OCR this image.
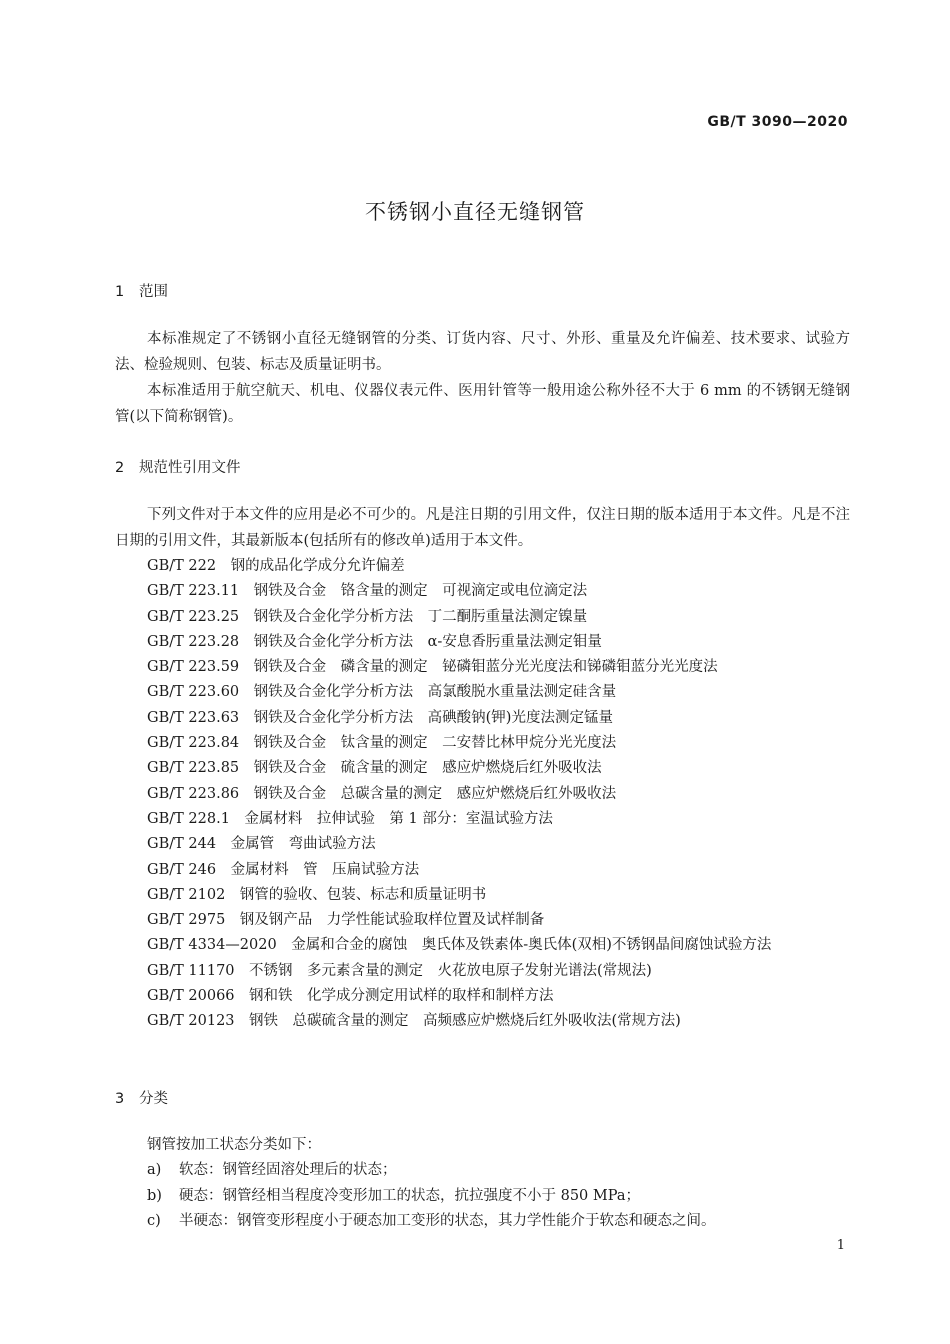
GB/T 3090—2020
不锈钢小直径无缝钢管
1 范围
本标准规定了不锈钢小直径无缝钢管的分类、订货内容、尺寸、外形、重量及允许偏差、技术要求、试验方法、检验规则、包装、标志及质量证明书。
本标准适用于航空航天、机电、仪器仪表元件、医用针管等一般用途公称外径不大于 6 mm 的不锈钢无缝钢管(以下简称钢管)。
2 规范性引用文件
下列文件对于本文件的应用是必不可少的。凡是注日期的引用文件，仅注日期的版本适用于本文件。凡是不注日期的引用文件，其最新版本(包括所有的修改单)适用于本文件。
GB/T 222　钢的成品化学成分允许偏差
GB/T 223.11　钢铁及合金　铬含量的测定　可视滴定或电位滴定法
GB/T 223.25　钢铁及合金化学分析方法　丁二酮肟重量法测定镍量
GB/T 223.28　钢铁及合金化学分析方法　α-安息香肟重量法测定钼量
GB/T 223.59　钢铁及合金　磷含量的测定　铋磷钼蓝分光光度法和锑磷钼蓝分光光度法
GB/T 223.60　钢铁及合金化学分析方法　高氯酸脱水重量法测定硅含量
GB/T 223.63　钢铁及合金化学分析方法　高碘酸钠(钾)光度法测定锰量
GB/T 223.84　钢铁及合金　钛含量的测定　二安替比林甲烷分光光度法
GB/T 223.85　钢铁及合金　硫含量的测定　感应炉燃烧后红外吸收法
GB/T 223.86　钢铁及合金　总碳含量的测定　感应炉燃烧后红外吸收法
GB/T 228.1　金属材料　拉伸试验　第 1 部分：室温试验方法
GB/T 244　金属管　弯曲试验方法
GB/T 246　金属材料　管　压扁试验方法
GB/T 2102　钢管的验收、包装、标志和质量证明书
GB/T 2975　钢及钢产品　力学性能试验取样位置及试样制备
GB/T 4334—2020　金属和合金的腐蚀　奥氏体及铁素体-奥氏体(双相)不锈钢晶间腐蚀试验方法
GB/T 11170　不锈钢　多元素含量的测定　火花放电原子发射光谱法(常规法)
GB/T 20066　钢和铁　化学成分测定用试样的取样和制样方法
GB/T 20123　钢铁　总碳硫含量的测定　高频感应炉燃烧后红外吸收法(常规方法)
3 分类
钢管按加工状态分类如下：
a) 软态：钢管经固溶处理后的状态；
b) 硬态：钢管经相当程度冷变形加工的状态，抗拉强度不小于 850 MPa；
c) 半硬态：钢管变形程度小于硬态加工变形的状态，其力学性能介于软态和硬态之间。
1
